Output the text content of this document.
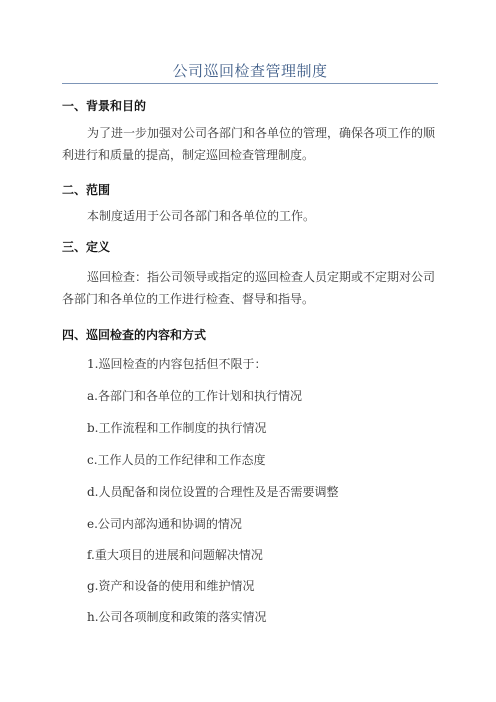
公司巡回检查管理制度
一、背景和目的
为了进一步加强对公司各部门和各单位的管理，确保各项工作的顺利进行和质量的提高，制定巡回检查管理制度。
二、范围
本制度适用于公司各部门和各单位的工作。
三、定义
巡回检查：指公司领导或指定的巡回检查人员定期或不定期对公司各部门和各单位的工作进行检查、督导和指导。
四、巡回检查的内容和方式
1.巡回检查的内容包括但不限于：
a.各部门和各单位的工作计划和执行情况
b.工作流程和工作制度的执行情况
c.工作人员的工作纪律和工作态度
d.人员配备和岗位设置的合理性及是否需要调整
e.公司内部沟通和协调的情况
f.重大项目的进展和问题解决情况
g.资产和设备的使用和维护情况
h.公司各项制度和政策的落实情况
